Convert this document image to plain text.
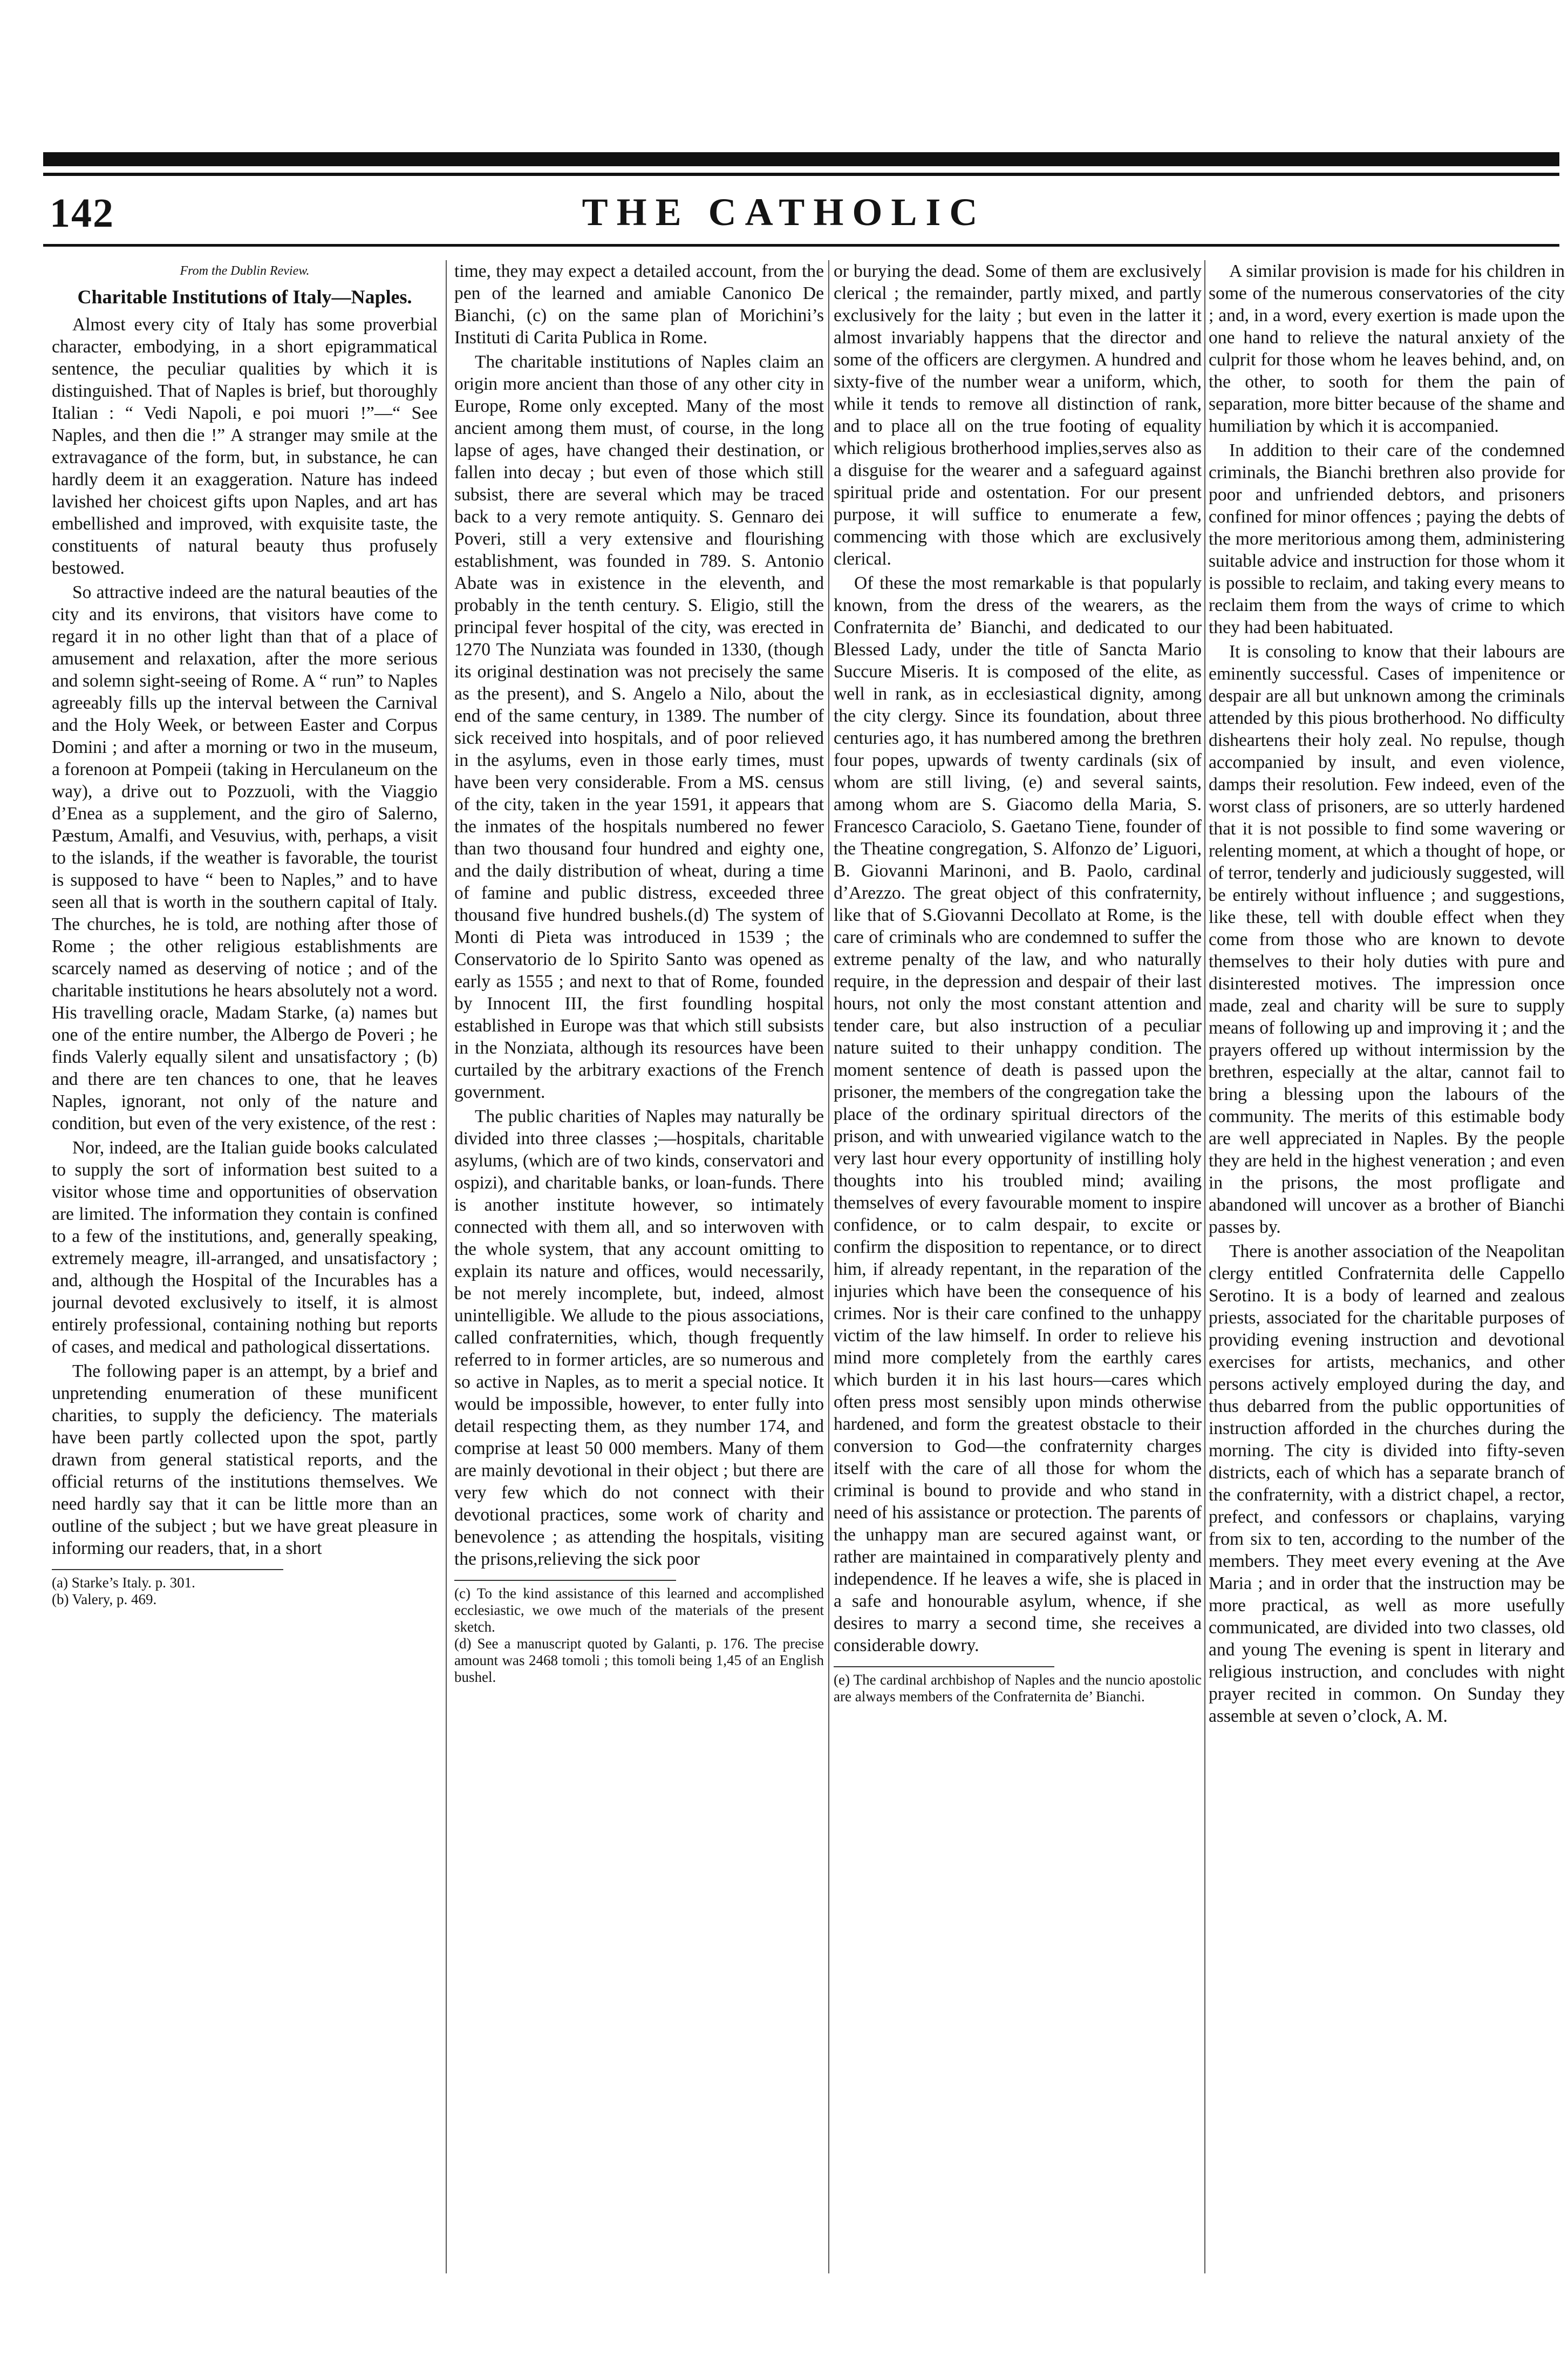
142	THE CATHOLIC
From the Dublin Review.
Charitable Institutions of Italy—Naples.

Almost every city of Italy has some proverbial character, embodying, in a short epigrammatical sentence, the peculiar qualities by which it is distinguished. That of Naples is brief, but thoroughly Italian : “ Vedi Napoli, e poi muori !”—“ See Naples, and then die !” A stranger may smile at the extravagance of the form, but, in substance, he can hardly deem it an exaggeration. Nature has indeed lavished her choicest gifts upon Naples, and art has embellished and improved, with exquisite taste, the constituents of natural beauty thus profusely bestowed.

So attractive indeed are the natural beauties of the city and its environs, that visitors have come to regard it in no other light than that of a place of amusement and relaxation, after the more serious and solemn sight-seeing of Rome. A “ run” to Naples agreeably fills up the interval between the Carnival and the Holy Week, or between Easter and Corpus Domini ; and after a morning or two in the museum, a forenoon at Pompeii (taking in Herculaneum on the way), a drive out to Pozzuoli, with the Viaggio d’Enea as a supplement, and the giro of Salerno, Pæstum, Amalfi, and Vesuvius, with, perhaps, a visit to the islands, if the weather is favorable, the tourist is supposed to have “ been to Naples,” and to have seen all that is worth in the southern capital of Italy. The churches, he is told, are nothing after those of Rome ; the other religious establishments are scarcely named as deserving of notice ; and of the charitable institutions he hears absolutely not a word. His travelling oracle, Madam Starke, (a) names but one of the entire number, the Albergo de Poveri ; he finds Valerly equally silent and unsatisfactory ; (b) and there are ten chances to one, that he leaves Naples, ignorant, not only of the nature and condition, but even of the very existence, of the rest :

Nor, indeed, are the Italian guide books calculated to supply the sort of information best suited to a visitor whose time and opportunities of observation are limited. The information they contain is confined to a few of the institutions, and, generally speaking, extremely meagre, ill-arranged, and unsatisfactory ; and, although the Hospital of the Incurables has a journal devoted exclusively to itself, it is almost entirely professional, containing nothing but reports of cases, and medical and pathological dissertations.

The following paper is an attempt, by a brief and unpretending enumeration of these munificent charities, to supply the deficiency. The materials have been partly collected upon the spot, partly drawn from general statistical reports, and the official returns of the institutions themselves. We need hardly say that it can be little more than an outline of the subject ; but we have great pleasure in informing our readers, that, in a short

(a) Starke’s Italy. p. 301.

(b) Valery, p. 469.

time, they may expect a detailed account, from the pen of the learned and amiable Canonico De Bianchi, (c) on the same plan of Morichini’s Instituti di Carita Publica in Rome.

The charitable institutions of Naples claim an origin more ancient than those of any other city in Europe, Rome only excepted. Many of the most ancient among them must, of course, in the long lapse of ages, have changed their destination, or fallen into decay ; but even of those which still subsist, there are several which may be traced back to a very remote antiquity. S. Gennaro dei Poveri, still a very extensive and flourishing establishment, was founded in 789. S. Antonio Abate was in existence in the eleventh, and probably in the tenth century. S. Eligio, still the principal fever hospital of the city, was erected in 1270 The Nunziata was founded in 1330, (though its original destination was not precisely the same as the present), and S. Angelo a Nilo, about the end of the same century, in 1389. The number of sick received into hospitals, and of poor relieved in the asylums, even in those early times, must have been very considerable. From a MS. census of the city, taken in the year 1591, it appears that the inmates of the hospitals numbered no fewer than two thousand four hundred and eighty one, and the daily distribution of wheat, during a time of famine and public distress, exceeded three thousand five hundred bushels.(d) The system of Monti di Pieta was introduced in 1539 ; the Conservatorio de lo Spirito Santo was opened as early as 1555 ; and next to that of Rome, founded by Innocent III, the first foundling hospital established in Europe was that which still subsists in the Nonziata, although its resources have been curtailed by the arbitrary exactions of the French government.

The public charities of Naples may naturally be divided into three classes ;—hospitals, charitable asylums, (which are of two kinds, conservatori and ospizi), and charitable banks, or loan-funds. There is another institute however, so intimately connected with them all, and so interwoven with the whole system, that any account omitting to explain its nature and offices, would necessarily, be not merely incomplete, but, indeed, almost unintelligible. We allude to the pious associations, called confraternities, which, though frequently referred to in former articles, are so numerous and so active in Naples, as to merit a special notice. It would be impossible, however, to enter fully into detail respecting them, as they number 174, and comprise at least 50 000 members. Many of them are mainly devotional in their object ; but there are very few which do not connect with their devotional practices, some work of charity and benevolence ; as attending the hospitals, visiting the prisons,relieving the sick poor

(c) To the kind assistance of this learned and accomplished ecclesiastic, we owe much of the materials of the present sketch.

(d) See a manuscript quoted by Galanti, p. 176. The precise amount was 2468 tomoli ; this tomoli being 1,45 of an English bushel.

or burying the dead. Some of them are exclusively clerical ; the remainder, partly mixed, and partly exclusively for the laity ; but even in the latter it almost invariably happens that the director and some of the officers are clergymen. A hundred and sixty-five of the number wear a uniform, which, while it tends to remove all distinction of rank, and to place all on the true footing of equality which religious brotherhood implies,serves also as a disguise for the wearer and a safeguard against spiritual pride and ostentation. For our present purpose, it will suffice to enumerate a few, commencing with those which are exclusively clerical.

Of these the most remarkable is that popularly known, from the dress of the wearers, as the Confraternita de’ Bianchi, and dedicated to our Blessed Lady, under the title of Sancta Mario Succure Miseris. It is composed of the elite, as well in rank, as in ecclesiastical dignity, among the city clergy. Since its foundation, about three centuries ago, it has numbered among the brethren four popes, upwards of twenty cardinals (six of whom are still living, (e) and several saints, among whom are S. Giacomo della Maria, S. Francesco Caraciolo, S. Gaetano Tiene, founder of the Theatine congregation, S. Alfonzo de’ Liguori, B. Giovanni Marinoni, and B. Paolo, cardinal d’Arezzo. The great object of this confraternity, like that of S.Giovanni Decollato at Rome, is the care of criminals who are condemned to suffer the extreme penalty of the law, and who naturally require, in the depression and despair of their last hours, not only the most constant attention and tender care, but also instruction of a peculiar nature suited to their unhappy condition. The moment sentence of death is passed upon the prisoner, the members of the congregation take the place of the ordinary spiritual directors of the prison, and with unwearied vigilance watch to the very last hour every opportunity of instilling holy thoughts into his troubled mind; availing themselves of every favourable moment to inspire confidence, or to calm despair, to excite or confirm the disposition to repentance, or to direct him, if already repentant, in the reparation of the injuries which have been the consequence of his crimes. Nor is their care confined to the unhappy victim of the law himself. In order to relieve his mind more completely from the earthly cares which burden it in his last hours—cares which often press most sensibly upon minds otherwise hardened, and form the greatest obstacle to their conversion to God—the confraternity charges itself with the care of all those for whom the criminal is bound to provide and who stand in need of his assistance or protection. The parents of the unhappy man are secured against want, or rather are maintained in comparatively plenty and independence. If he leaves a wife, she is placed in a safe and honourable asylum, whence, if she desires to marry a second time, she receives a considerable dowry.

(e) The cardinal archbishop of Naples and the nuncio apostolic are always members of the Confraternita de’ Bianchi.

A similar provision is made for his children in some of the numerous conservatories of the city ; and, in a word, every exertion is made upon the one hand to relieve the natural anxiety of the culprit for those whom he leaves behind, and, on the other, to sooth for them the pain of separation, more bitter because of the shame and humiliation by which it is accompanied.

In addition to their care of the condemned criminals, the Bianchi brethren also provide for poor and unfriended debtors, and prisoners confined for minor offences ; paying the debts of the more meritorious among them, administering suitable advice and instruction for those whom it is possible to reclaim, and taking every means to reclaim them from the ways of crime to which they had been habituated.

It is consoling to know that their labours are eminently successful. Cases of impenitence or despair are all but unknown among the criminals attended by this pious brotherhood. No difficulty disheartens their holy zeal. No repulse, though accompanied by insult, and even violence, damps their resolution. Few indeed, even of the worst class of prisoners, are so utterly hardened that it is not possible to find some wavering or relenting moment, at which a thought of hope, or of terror, tenderly and judiciously suggested, will be entirely without influence ; and suggestions, like these, tell with double effect when they come from those who are known to devote themselves to their holy duties with pure and disinterested motives. The impression once made, zeal and charity will be sure to supply means of following up and improving it ; and the prayers offered up without intermission by the brethren, especially at the altar, cannot fail to bring a blessing upon the labours of the community. The merits of this estimable body are well appreciated in Naples. By the people they are held in the highest veneration ; and even in the prisons, the most profligate and abandoned will uncover as a brother of Bianchi passes by.

There is another association of the Neapolitan clergy entitled Confraternita delle Cappello Serotino. It is a body of learned and zealous priests, associated for the charitable purposes of providing evening instruction and devotional exercises for artists, mechanics, and other persons actively employed during the day, and thus debarred from the public opportunities of instruction afforded in the churches during the morning. The city is divided into fifty-seven districts, each of which has a separate branch of the confraternity, with a district chapel, a rector, prefect, and confessors or chaplains, varying from six to ten, according to the number of the members. They meet every evening at the Ave Maria ; and in order that the instruction may be more practical, as well as more usefully communicated, are divided into two classes, old and young The evening is spent in literary and religious instruction, and concludes with night prayer recited in common. On Sunday they assemble at seven o’clock, A. M.
